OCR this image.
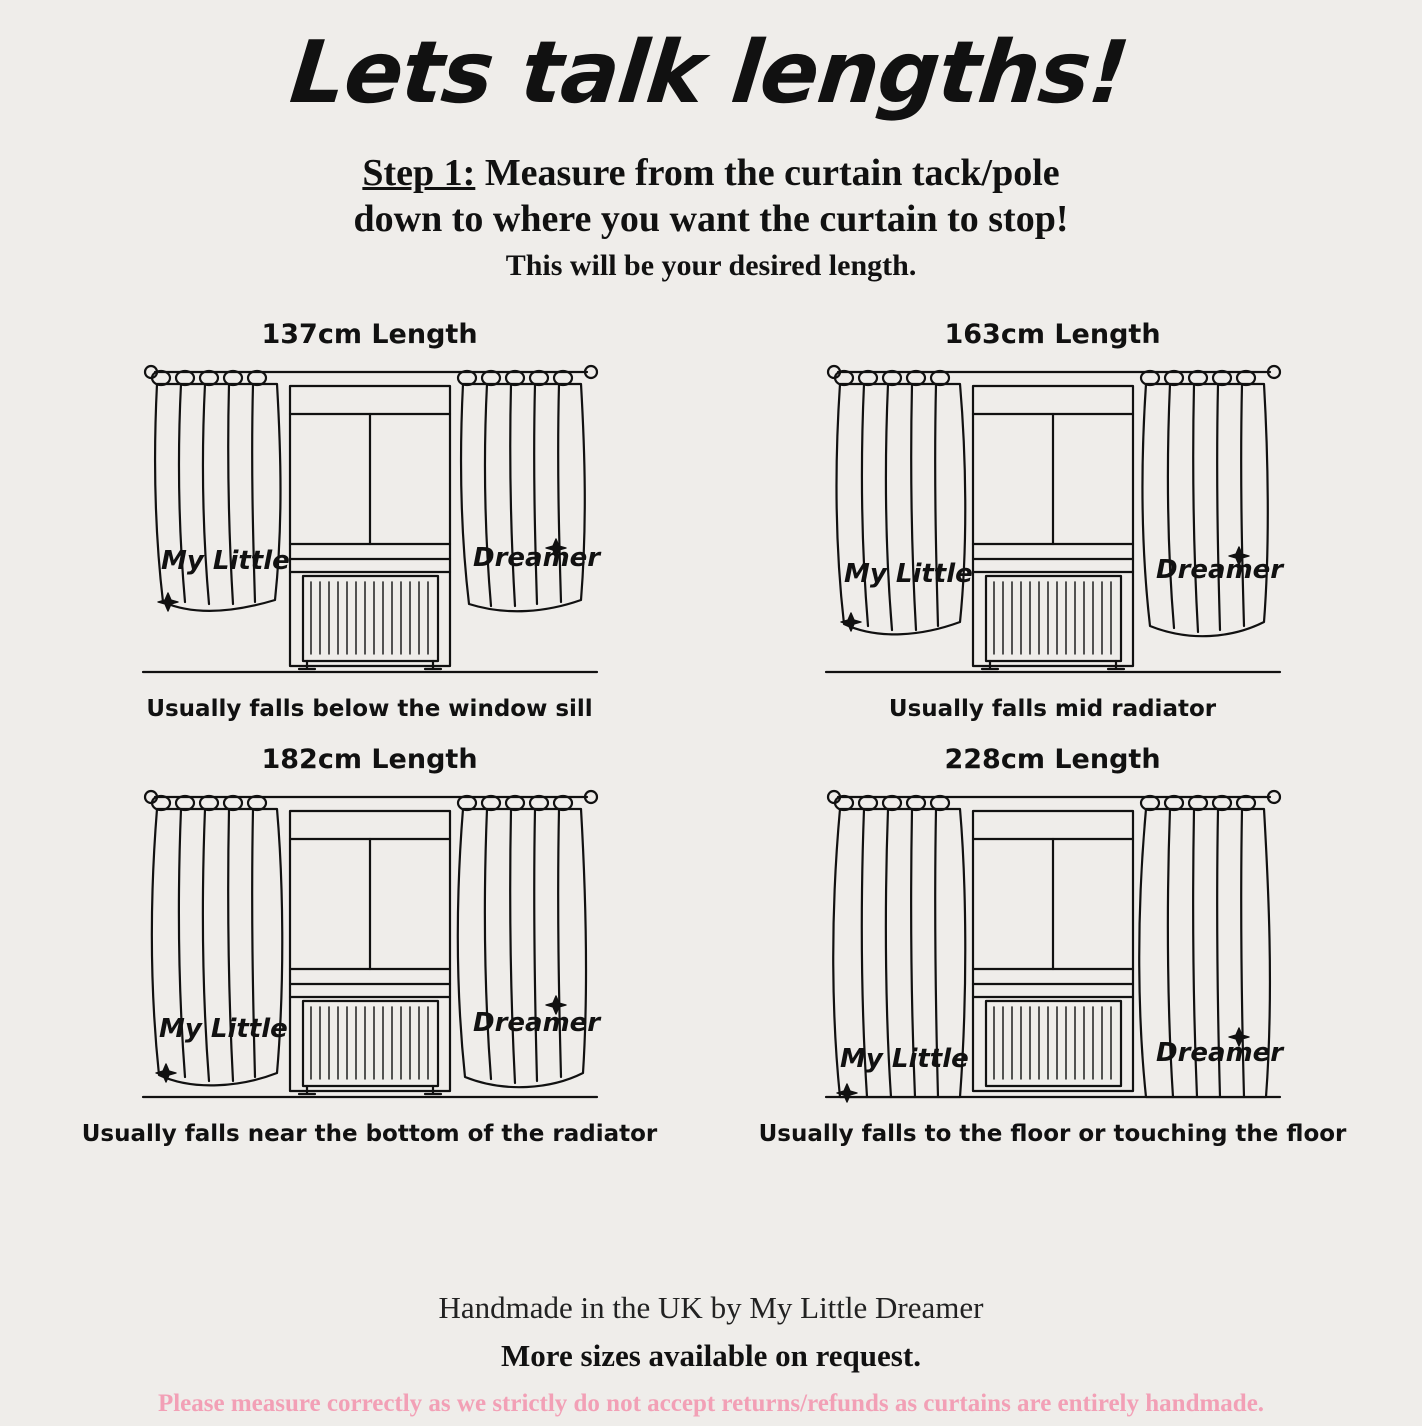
Lets talk lengths!
Step 1: Measure from the curtain tack/pole
down to where you want the curtain to stop!
This will be your desired length.
137cm Length
My Little	Dreamer
Usually falls below the window sill
163cm Length
My Little	Dreamer
Usually falls mid radiator
182cm Length
My Little	Dreamer
Usually falls near the bottom of the radiator
228cm Length
My Little	Dreamer
Usually falls to the floor or touching the floor
Handmade in the UK by My Little Dreamer
More sizes available on request.
Please measure correctly as we strictly do not accept returns/refunds as curtains are entirely handmade.
